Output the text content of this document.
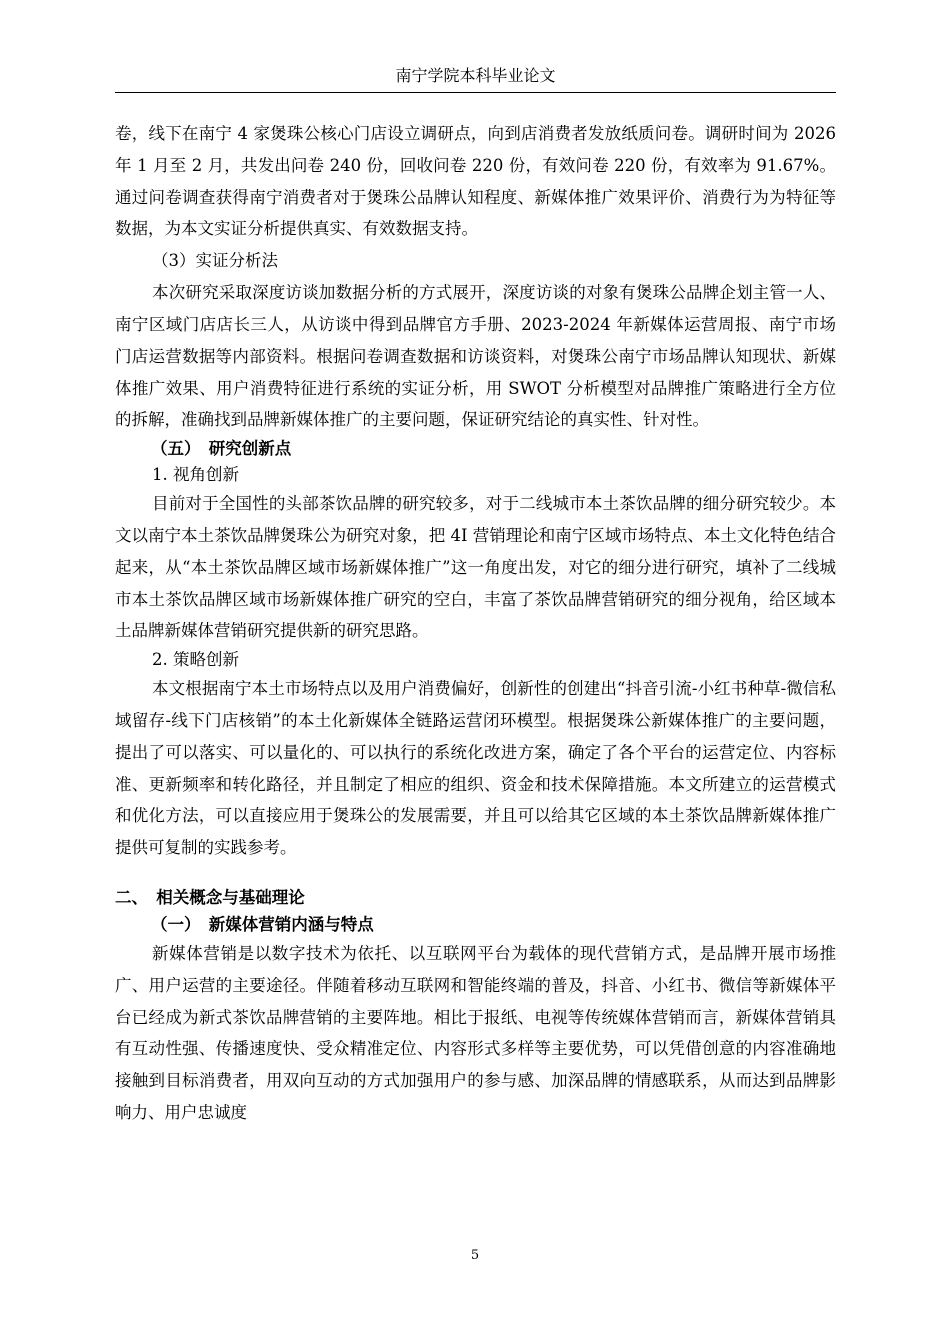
南宁学院本科毕业论文

卷，线下在南宁 4 家煲珠公核心门店设立调研点，向到店消费者发放纸质问卷。调研时间为 2026 年 1 月至 2 月，共发出问卷 240 份，回收问卷 220 份，有效问卷 220 份，有效率为 91.67%。通过问卷调查获得南宁消费者对于煲珠公品牌认知程度、新媒体推广效果评价、消费行为为特征等数据，为本文实证分析提供真实、有效数据支持。

（3）实证分析法

本次研究采取深度访谈加数据分析的方式展开，深度访谈的对象有煲珠公品牌企划主管一人、南宁区域门店店长三人，从访谈中得到品牌官方手册、2023-2024 年新媒体运营周报、南宁市场门店运营数据等内部资料。根据问卷调查数据和访谈资料，对煲珠公南宁市场品牌认知现状、新媒体推广效果、用户消费特征进行系统的实证分析，用 SWOT 分析模型对品牌推广策略进行全方位的拆解，准确找到品牌新媒体推广的主要问题，保证研究结论的真实性、针对性。

（五）　研究创新点

1. 视角创新

目前对于全国性的头部茶饮品牌的研究较多，对于二线城市本土茶饮品牌的细分研究较少。本文以南宁本土茶饮品牌煲珠公为研究对象，把 4I 营销理论和南宁区域市场特点、本土文化特色结合起来，从“本土茶饮品牌区域市场新媒体推广”这一角度出发，对它的细分进行研究，填补了二线城市本土茶饮品牌区域市场新媒体推广研究的空白，丰富了茶饮品牌营销研究的细分视角，给区域本土品牌新媒体营销研究提供新的研究思路。

2. 策略创新

本文根据南宁本土市场特点以及用户消费偏好，创新性的创建出“抖音引流-小红书种草-微信私域留存-线下门店核销”的本土化新媒体全链路运营闭环模型。根据煲珠公新媒体推广的主要问题，提出了可以落实、可以量化的、可以执行的系统化改进方案，确定了各个平台的运营定位、内容标准、更新频率和转化路径，并且制定了相应的组织、资金和技术保障措施。本文所建立的运营模式和优化方法，可以直接应用于煲珠公的发展需要，并且可以给其它区域的本土茶饮品牌新媒体推广提供可复制的实践参考。

二、　相关概念与基础理论

（一）　新媒体营销内涵与特点

新媒体营销是以数字技术为依托、以互联网平台为载体的现代营销方式，是品牌开展市场推广、用户运营的主要途径。伴随着移动互联网和智能终端的普及，抖音、小红书、微信等新媒体平台已经成为新式茶饮品牌营销的主要阵地。相比于报纸、电视等传统媒体营销而言，新媒体营销具有互动性强、传播速度快、受众精准定位、内容形式多样等主要优势，可以凭借创意的内容准确地接触到目标消费者，用双向互动的方式加强用户的参与感、加深品牌的情感联系，从而达到品牌影响力、用户忠诚度

5
